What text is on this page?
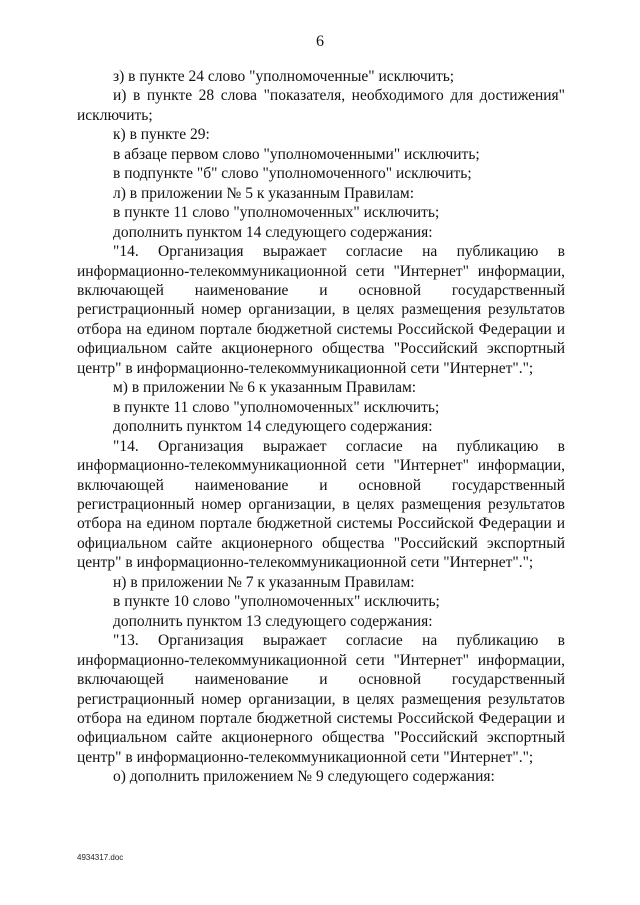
6

з) в пункте 24 слово "уполномоченные" исключить;

и) в пункте 28 слова "показателя, необходимого для достижения" исключить;

к) в пункте 29:

в абзаце первом слово "уполномоченными" исключить;

в подпункте "б" слово "уполномоченного" исключить;

л) в приложении № 5 к указанным Правилам:

в пункте 11 слово "уполномоченных" исключить;

дополнить пунктом 14 следующего содержания:

"14. Организация выражает согласие на публикацию в информационно-телекоммуникационной сети "Интернет" информации, включающей наименование и основной государственный регистрационный номер организации, в целях размещения результатов отбора на едином портале бюджетной системы Российской Федерации и официальном сайте акционерного общества "Российский экспортный центр" в информационно-телекоммуникационной сети "Интернет".";

м) в приложении № 6 к указанным Правилам:

в пункте 11 слово "уполномоченных" исключить;

дополнить пунктом 14 следующего содержания:

"14. Организация выражает согласие на публикацию в информационно-телекоммуникационной сети "Интернет" информации, включающей наименование и основной государственный регистрационный номер организации, в целях размещения результатов отбора на едином портале бюджетной системы Российской Федерации и официальном сайте акционерного общества "Российский экспортный центр" в информационно-телекоммуникационной сети "Интернет".";

н) в приложении № 7 к указанным Правилам:

в пункте 10 слово "уполномоченных" исключить;

дополнить пунктом 13 следующего содержания:

"13. Организация выражает согласие на публикацию в информационно-телекоммуникационной сети "Интернет" информации, включающей наименование и основной государственный регистрационный номер организации, в целях размещения результатов отбора на едином портале бюджетной системы Российской Федерации и официальном сайте акционерного общества "Российский экспортный центр" в информационно-телекоммуникационной сети "Интернет".";

о) дополнить приложением № 9 следующего содержания:

4934317.doc
